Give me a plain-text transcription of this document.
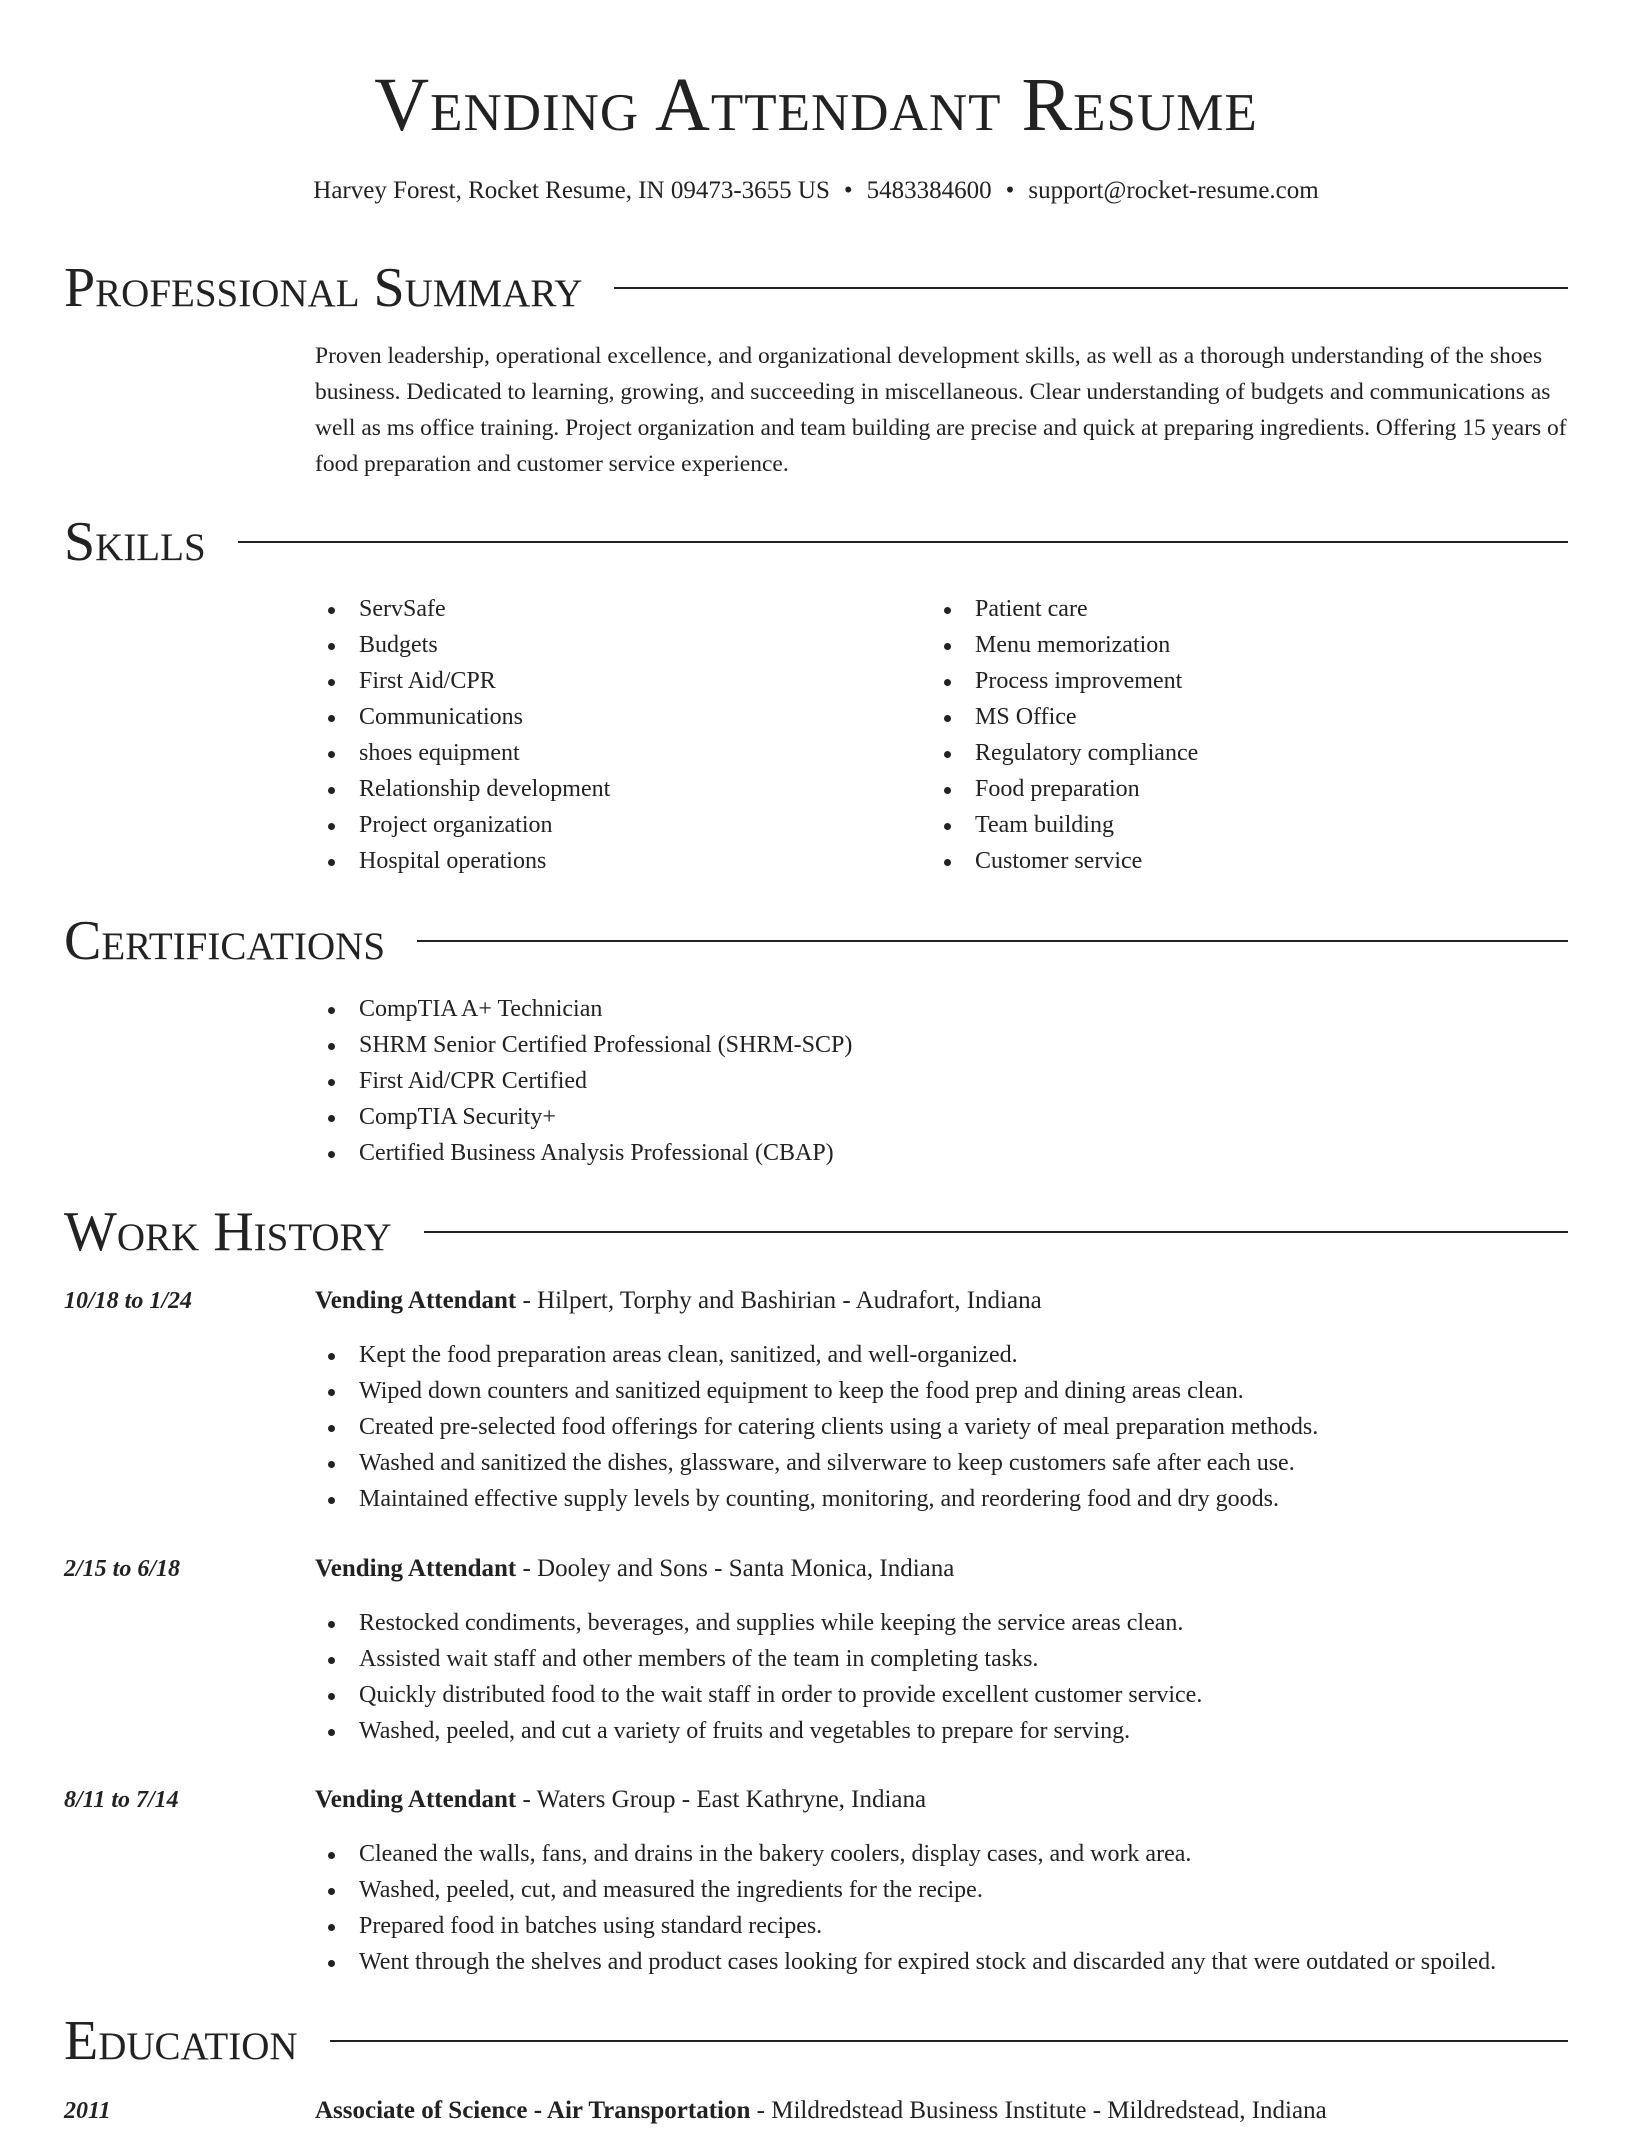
Vending Attendant Resume
Harvey Forest, Rocket Resume, IN 09473-3655 US • 5483384600 • support@rocket-resume.com
Professional Summary

Proven leadership, operational excellence, and organizational development skills, as well as a thorough understanding of the shoes business. Dedicated to learning, growing, and succeeding in miscellaneous. Clear understanding of budgets and communications as well as ms office training. Project organization and team building are precise and quick at preparing ingredients. Offering 15 years of food preparation and customer service experience.

Skills
ServSafe
Budgets
First Aid/CPR
Communications
shoes equipment
Relationship development
Project organization
Hospital operations
Patient care
Menu memorization
Process improvement
MS Office
Regulatory compliance
Food preparation
Team building
Customer service
Certifications
CompTIA A+ Technician
SHRM Senior Certified Professional (SHRM-SCP)
First Aid/CPR Certified
CompTIA Security+
Certified Business Analysis Professional (CBAP)
Work History
10/18 to 1/24	Vending Attendant - Hilpert, Torphy and Bashirian - Audrafort, Indiana
Kept the food preparation areas clean, sanitized, and well-organized.
Wiped down counters and sanitized equipment to keep the food prep and dining areas clean.
Created pre-selected food offerings for catering clients using a variety of meal preparation methods.
Washed and sanitized the dishes, glassware, and silverware to keep customers safe after each use.
Maintained effective supply levels by counting, monitoring, and reordering food and dry goods.
2/15 to 6/18	Vending Attendant - Dooley and Sons - Santa Monica, Indiana
Restocked condiments, beverages, and supplies while keeping the service areas clean.
Assisted wait staff and other members of the team in completing tasks.
Quickly distributed food to the wait staff in order to provide excellent customer service.
Washed, peeled, and cut a variety of fruits and vegetables to prepare for serving.
8/11 to 7/14	Vending Attendant - Waters Group - East Kathryne, Indiana
Cleaned the walls, fans, and drains in the bakery coolers, display cases, and work area.
Washed, peeled, cut, and measured the ingredients for the recipe.
Prepared food in batches using standard recipes.
Went through the shelves and product cases looking for expired stock and discarded any that were outdated or spoiled.
Education
2011	Associate of Science - Air Transportation - Mildredstead Business Institute - Mildredstead, Indiana
